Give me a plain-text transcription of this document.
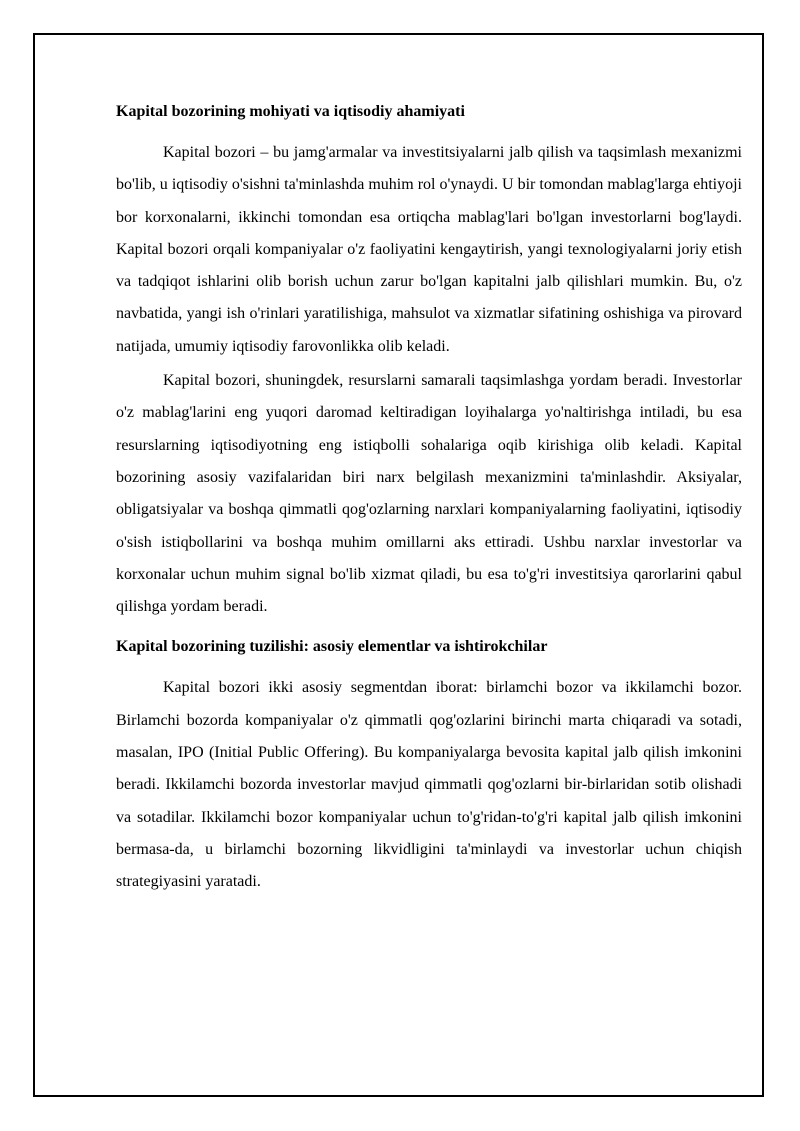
Kapital bozorining mohiyati va iqtisodiy ahamiyati

Kapital bozori – bu jamg'armalar va investitsiyalarni jalb qilish va taqsimlash mexanizmi bo'lib, u iqtisodiy o'sishni ta'minlashda muhim rol o'ynaydi. U bir tomondan mablag'larga ehtiyoji bor korxonalarni, ikkinchi tomondan esa ortiqcha mablag'lari bo'lgan investorlarni bog'laydi. Kapital bozori orqali kompaniyalar o'z faoliyatini kengaytirish, yangi texnologiyalarni joriy etish va tadqiqot ishlarini olib borish uchun zarur bo'lgan kapitalni jalb qilishlari mumkin. Bu, o'z navbatida, yangi ish o'rinlari yaratilishiga, mahsulot va xizmatlar sifatining oshishiga va pirovard natijada, umumiy iqtisodiy farovonlikka olib keladi.

Kapital bozori, shuningdek, resurslarni samarali taqsimlashga yordam beradi. Investorlar o'z mablag'larini eng yuqori daromad keltiradigan loyihalarga yo'naltirishga intiladi, bu esa resurslarning iqtisodiyotning eng istiqbolli sohalariga oqib kirishiga olib keladi. Kapital bozorining asosiy vazifalaridan biri narx belgilash mexanizmini ta'minlashdir. Aksiyalar, obligatsiyalar va boshqa qimmatli qog'ozlarning narxlari kompaniyalarning faoliyatini, iqtisodiy o'sish istiqbollarini va boshqa muhim omillarni aks ettiradi. Ushbu narxlar investorlar va korxonalar uchun muhim signal bo'lib xizmat qiladi, bu esa to'g'ri investitsiya qarorlarini qabul qilishga yordam beradi.

Kapital bozorining tuzilishi: asosiy elementlar va ishtirokchilar

Kapital bozori ikki asosiy segmentdan iborat: birlamchi bozor va ikkilamchi bozor. Birlamchi bozorda kompaniyalar o'z qimmatli qog'ozlarini birinchi marta chiqaradi va sotadi, masalan, IPO (Initial Public Offering). Bu kompaniyalarga bevosita kapital jalb qilish imkonini beradi. Ikkilamchi bozorda investorlar mavjud qimmatli qog'ozlarni bir-birlaridan sotib olishadi va sotadilar. Ikkilamchi bozor kompaniyalar uchun to'g'ridan-to'g'ri kapital jalb qilish imkonini bermasa-da, u birlamchi bozorning likvidligini ta'minlaydi va investorlar uchun chiqish strategiyasini yaratadi.
